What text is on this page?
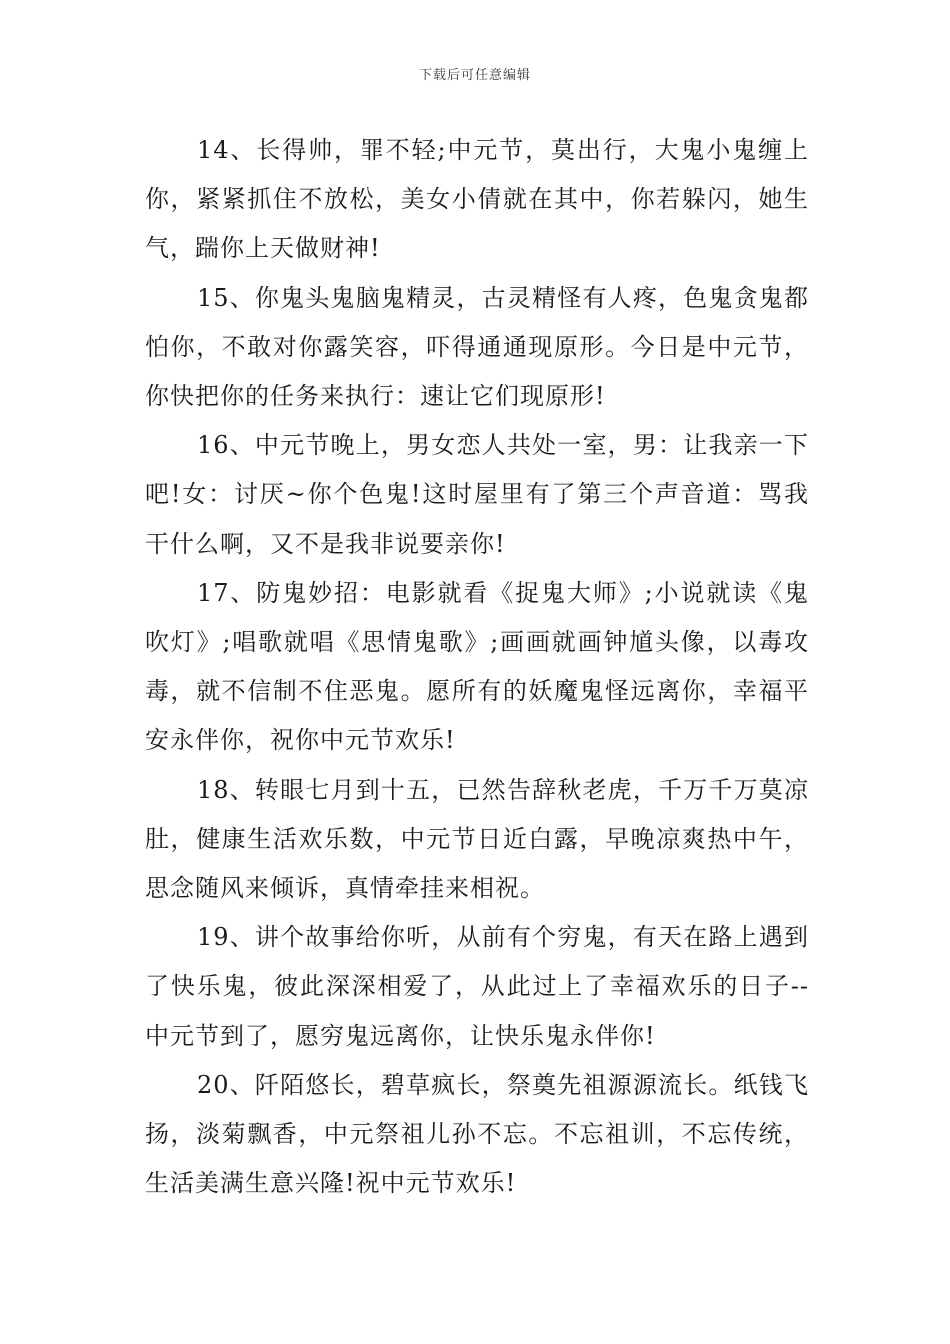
下载后可任意编辑

14、长得帅，罪不轻;中元节，莫出行，大鬼小鬼缠上你，紧紧抓住不放松，美女小倩就在其中，你若躲闪，她生气，踹你上天做财神!

15、你鬼头鬼脑鬼精灵，古灵精怪有人疼，色鬼贪鬼都怕你，不敢对你露笑容，吓得通通现原形。今日是中元节，你快把你的任务来执行：速让它们现原形!

16、中元节晚上，男女恋人共处一室，男：让我亲一下吧!女：讨厌~你个色鬼!这时屋里有了第三个声音道：骂我干什么啊，又不是我非说要亲你!

17、防鬼妙招：电影就看《捉鬼大师》;小说就读《鬼吹灯》;唱歌就唱《思情鬼歌》;画画就画钟馗头像，以毒攻毒，就不信制不住恶鬼。愿所有的妖魔鬼怪远离你，幸福平安永伴你，祝你中元节欢乐!

18、转眼七月到十五，已然告辞秋老虎，千万千万莫凉肚，健康生活欢乐数，中元节日近白露，早晚凉爽热中午，思念随风来倾诉，真情牵挂来相祝。

19、讲个故事给你听，从前有个穷鬼，有天在路上遇到了快乐鬼，彼此深深相爱了，从此过上了幸福欢乐的日子--中元节到了，愿穷鬼远离你，让快乐鬼永伴你!

20、阡陌悠长，碧草疯长，祭奠先祖源源流长。纸钱飞扬，淡菊飘香，中元祭祖儿孙不忘。不忘祖训，不忘传统，生活美满生意兴隆!祝中元节欢乐!
